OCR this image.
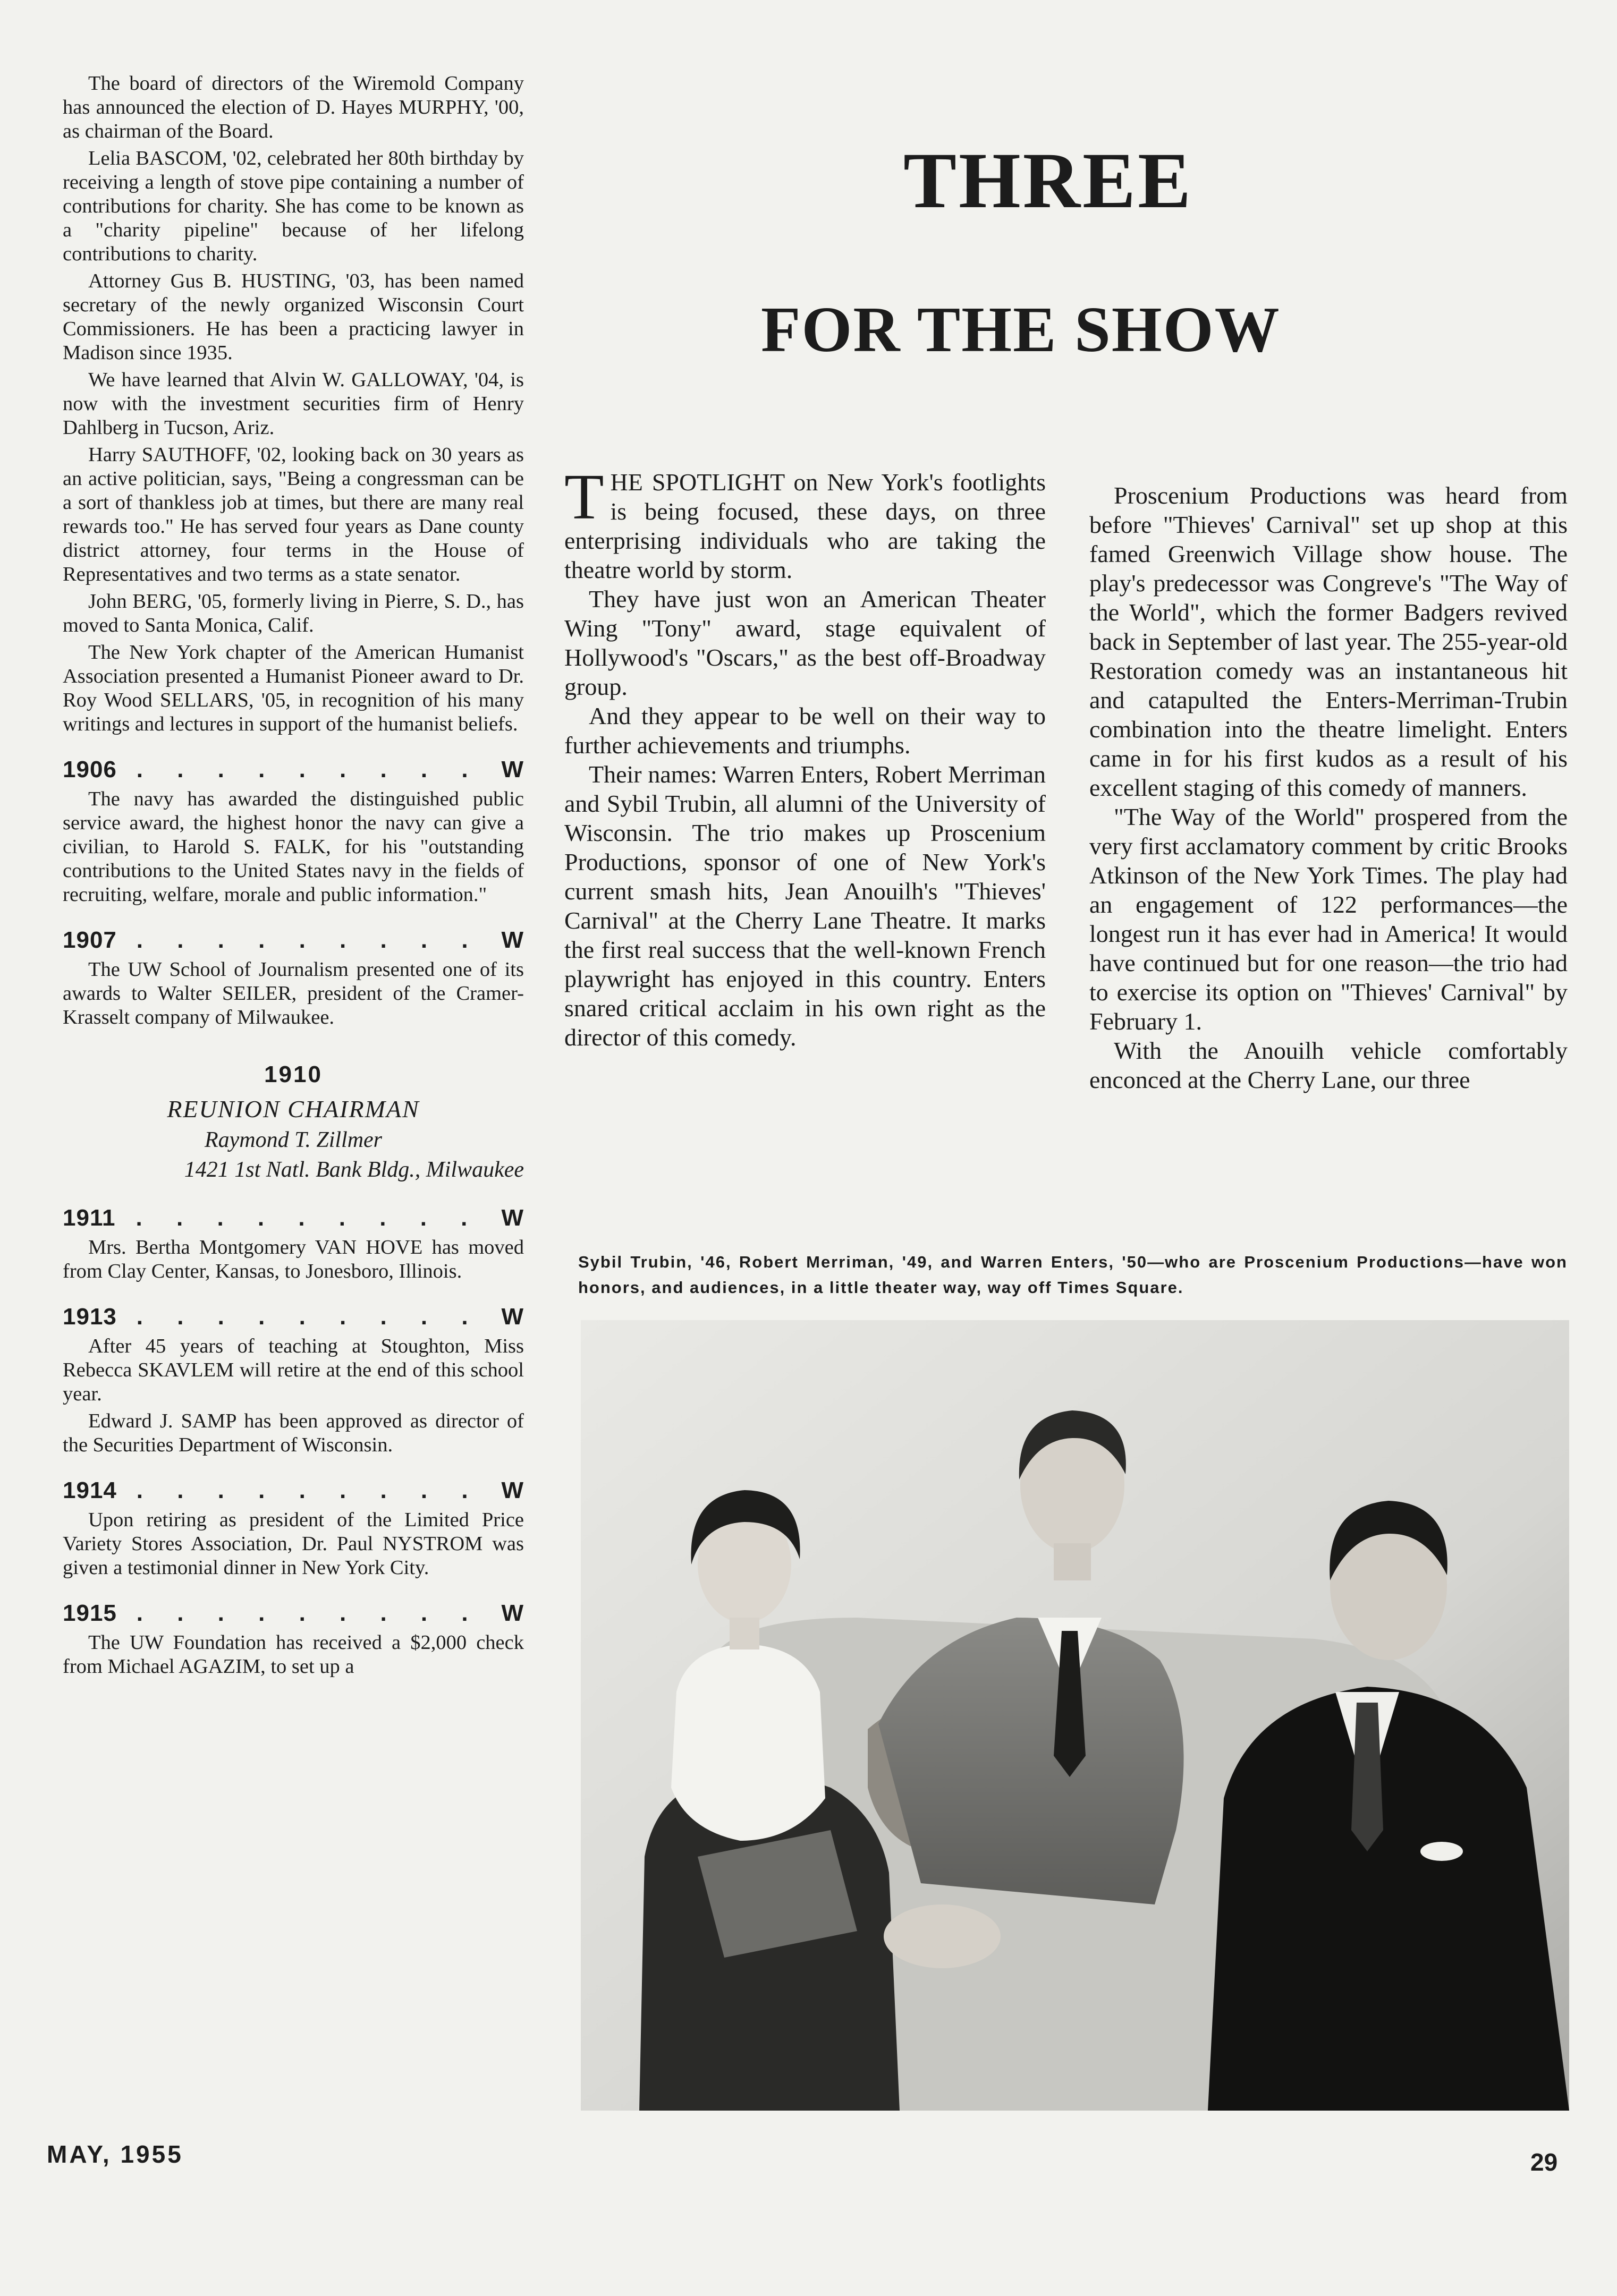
The board of directors of the Wiremold Company has announced the election of D. Hayes MURPHY, '00, as chairman of the Board.

Lelia BASCOM, '02, celebrated her 80th birthday by receiving a length of stove pipe containing a number of contributions for charity. She has come to be known as a "charity pipeline" because of her lifelong contributions to charity.

Attorney Gus B. HUSTING, '03, has been named secretary of the newly organized Wisconsin Court Commissioners. He has been a practicing lawyer in Madison since 1935.

We have learned that Alvin W. GALLOWAY, '04, is now with the investment securities firm of Henry Dahlberg in Tucson, Ariz.

Harry SAUTHOFF, '02, looking back on 30 years as an active politician, says, "Being a congressman can be a sort of thankless job at times, but there are many real rewards too." He has served four years as Dane county district attorney, four terms in the House of Representatives and two terms as a state senator.

John BERG, '05, formerly living in Pierre, S. D., has moved to Santa Monica, Calif.

The New York chapter of the American Humanist Association presented a Humanist Pioneer award to Dr. Roy Wood SELLARS, '05, in recognition of his many writings and lectures in support of the humanist beliefs.

1906 . . . . . . . . . W

The navy has awarded the distinguished public service award, the highest honor the navy can give a civilian, to Harold S. FALK, for his "outstanding contributions to the United States navy in the fields of recruiting, welfare, morale and public information."

1907 . . . . . . . . . W

The UW School of Journalism presented one of its awards to Walter SEILER, president of the Cramer-Krasselt company of Milwaukee.

1910
REUNION CHAIRMAN
Raymond T. Zillmer
1421 1st Natl. Bank Bldg., Milwaukee
1911 . . . . . . . . . W

Mrs. Bertha Montgomery VAN HOVE has moved from Clay Center, Kansas, to Jonesboro, Illinois.

1913 . . . . . . . . . W

After 45 years of teaching at Stoughton, Miss Rebecca SKAVLEM will retire at the end of this school year.

Edward J. SAMP has been approved as director of the Securities Department of Wisconsin.

1914 . . . . . . . . . W

Upon retiring as president of the Limited Price Variety Stores Association, Dr. Paul NYSTROM was given a testimonial dinner in New York City.

1915 . . . . . . . . . W

The UW Foundation has received a $2,000 check from Michael AGAZIM, to set up a

THREE
FOR THE SHOW

THE SPOTLIGHT on New York's footlights is being focused, these days, on three enterprising individuals who are taking the theatre world by storm.

They have just won an American Theater Wing "Tony" award, stage equivalent of Hollywood's "Oscars," as the best off-Broadway group.

And they appear to be well on their way to further achievements and triumphs.

Their names: Warren Enters, Robert Merriman and Sybil Trubin, all alumni of the University of Wisconsin. The trio makes up Proscenium Productions, sponsor of one of New York's current smash hits, Jean Anouilh's "Thieves' Carnival" at the Cherry Lane Theatre. It marks the first real success that the well-known French playwright has enjoyed in this country. Enters snared critical acclaim in his own right as the director of this comedy.

Proscenium Productions was heard from before "Thieves' Carnival" set up shop at this famed Greenwich Village show house. The play's predecessor was Congreve's "The Way of the World", which the former Badgers revived back in September of last year. The 255-year-old Restoration comedy was an instantaneous hit and catapulted the Enters-Merriman-Trubin combination into the theatre limelight. Enters came in for his first kudos as a result of his excellent staging of this comedy of manners.

"The Way of the World" prospered from the very first acclamatory comment by critic Brooks Atkinson of the New York Times. The play had an engagement of 122 performances—the longest run it has ever had in America! It would have continued but for one reason—the trio had to exercise its option on "Thieves' Carnival" by February 1.

With the Anouilh vehicle comfortably enconced at the Cherry Lane, our three

Sybil Trubin, '46, Robert Merriman, '49, and Warren Enters, '50—who are Proscenium Productions—have won honors, and audiences, in a little theater way, way off Times Square.
MAY, 1955	29
